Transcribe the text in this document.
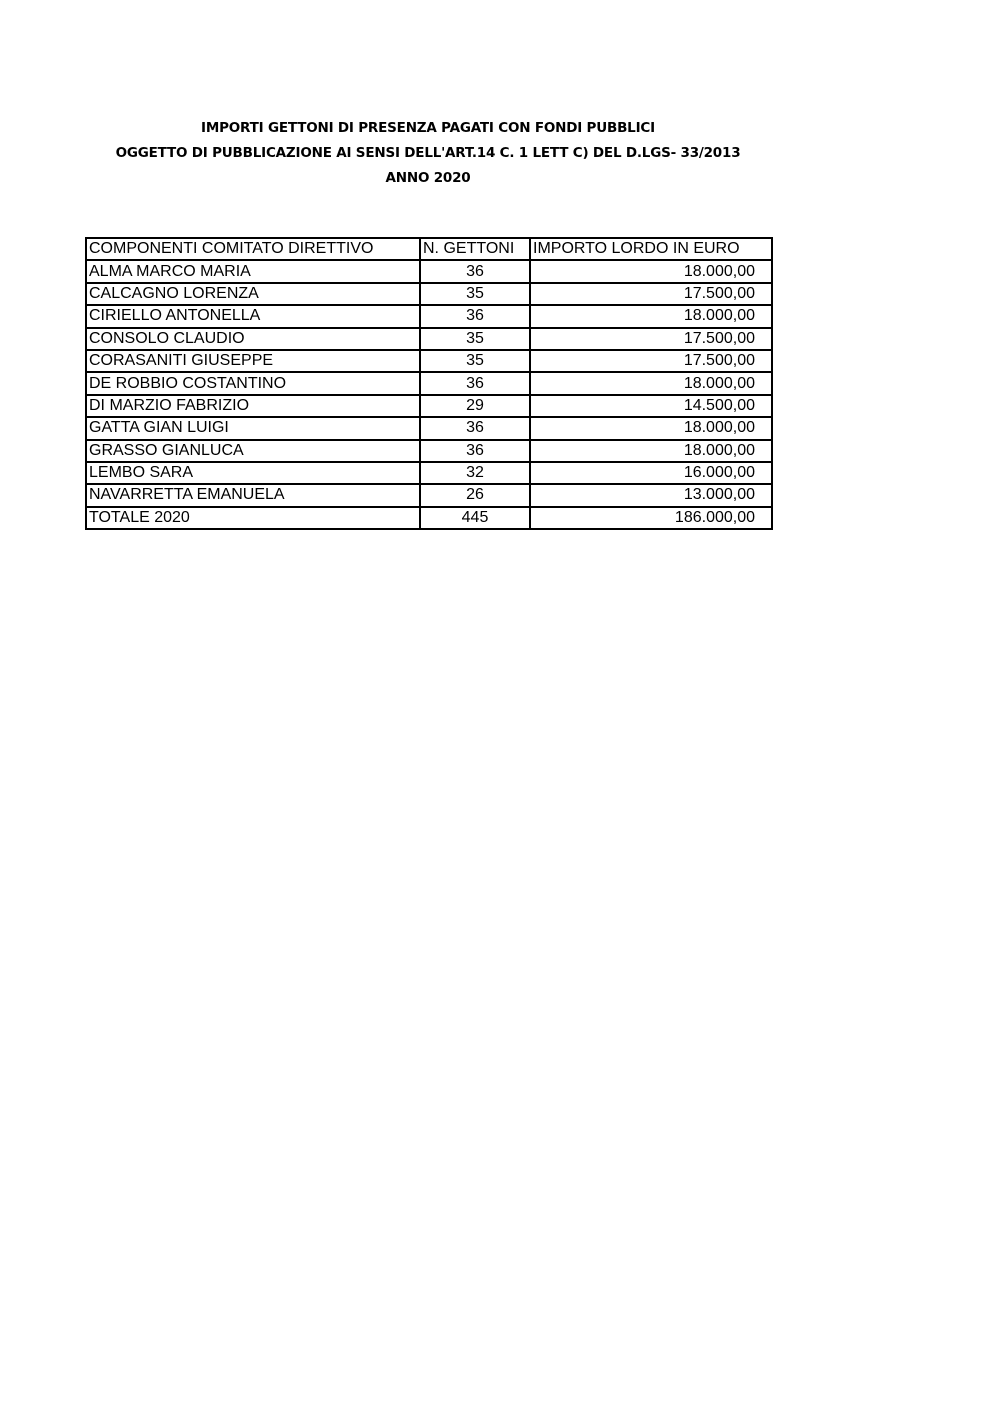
IMPORTI GETTONI DI PRESENZA PAGATI CON FONDI PUBBLICI
OGGETTO DI PUBBLICAZIONE AI SENSI DELL'ART.14 C. 1 LETT C) DEL D.LGS- 33/2013
ANNO 2020
COMPONENTI COMITATO DIRETTIVO	N. GETTONI	IMPORTO LORDO IN EURO
ALMA MARCO MARIA	36	18.000,00
CALCAGNO LORENZA	35	17.500,00
CIRIELLO ANTONELLA	36	18.000,00
CONSOLO CLAUDIO	35	17.500,00
CORASANITI GIUSEPPE	35	17.500,00
DE ROBBIO COSTANTINO	36	18.000,00
DI MARZIO FABRIZIO	29	14.500,00
GATTA GIAN LUIGI	36	18.000,00
GRASSO GIANLUCA	36	18.000,00
LEMBO SARA	32	16.000,00
NAVARRETTA EMANUELA	26	13.000,00
TOTALE 2020	445	186.000,00
